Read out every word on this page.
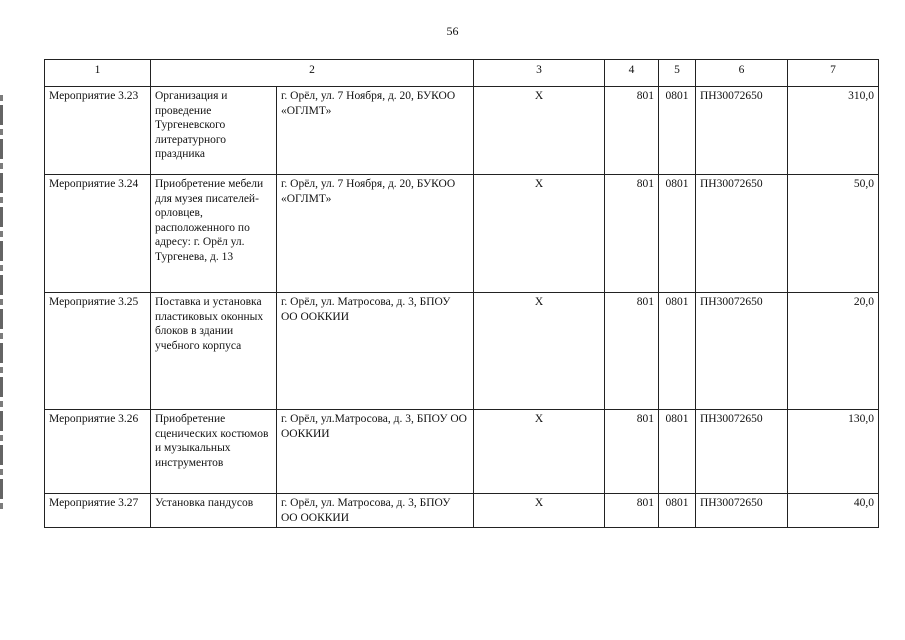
56
1	2		3	4	5	6	7
Мероприятие 3.23	Организация и проведение Тургеневского литературного праздника	г. Орёл, ул. 7 Ноября, д. 20, БУКОО «ОГЛМТ»	Х	801	0801	ПН30072650	310,0
Мероприятие 3.24	Приобретение мебели для музея писателей-орловцев, расположенного по адресу: г. Орёл ул. Тургенева, д. 13	г. Орёл, ул. 7 Ноября, д. 20, БУКОО «ОГЛМТ»	Х	801	0801	ПН30072650	50,0
Мероприятие 3.25	Поставка и установка пластиковых оконных блоков в здании учебного корпуса	г. Орёл, ул. Матросова, д. 3, БПОУ ОО ООККИИ	Х	801	0801	ПН30072650	20,0
Мероприятие 3.26	Приобретение сценических костюмов и музыкальных инструментов	г. Орёл, ул.Матросова, д. 3, БПОУ ОО ООККИИ	Х	801	0801	ПН30072650	130,0
Мероприятие 3.27	Установка пандусов	г. Орёл, ул. Матросова, д. 3, БПОУ ОО ООККИИ	Х	801	0801	ПН30072650	40,0
